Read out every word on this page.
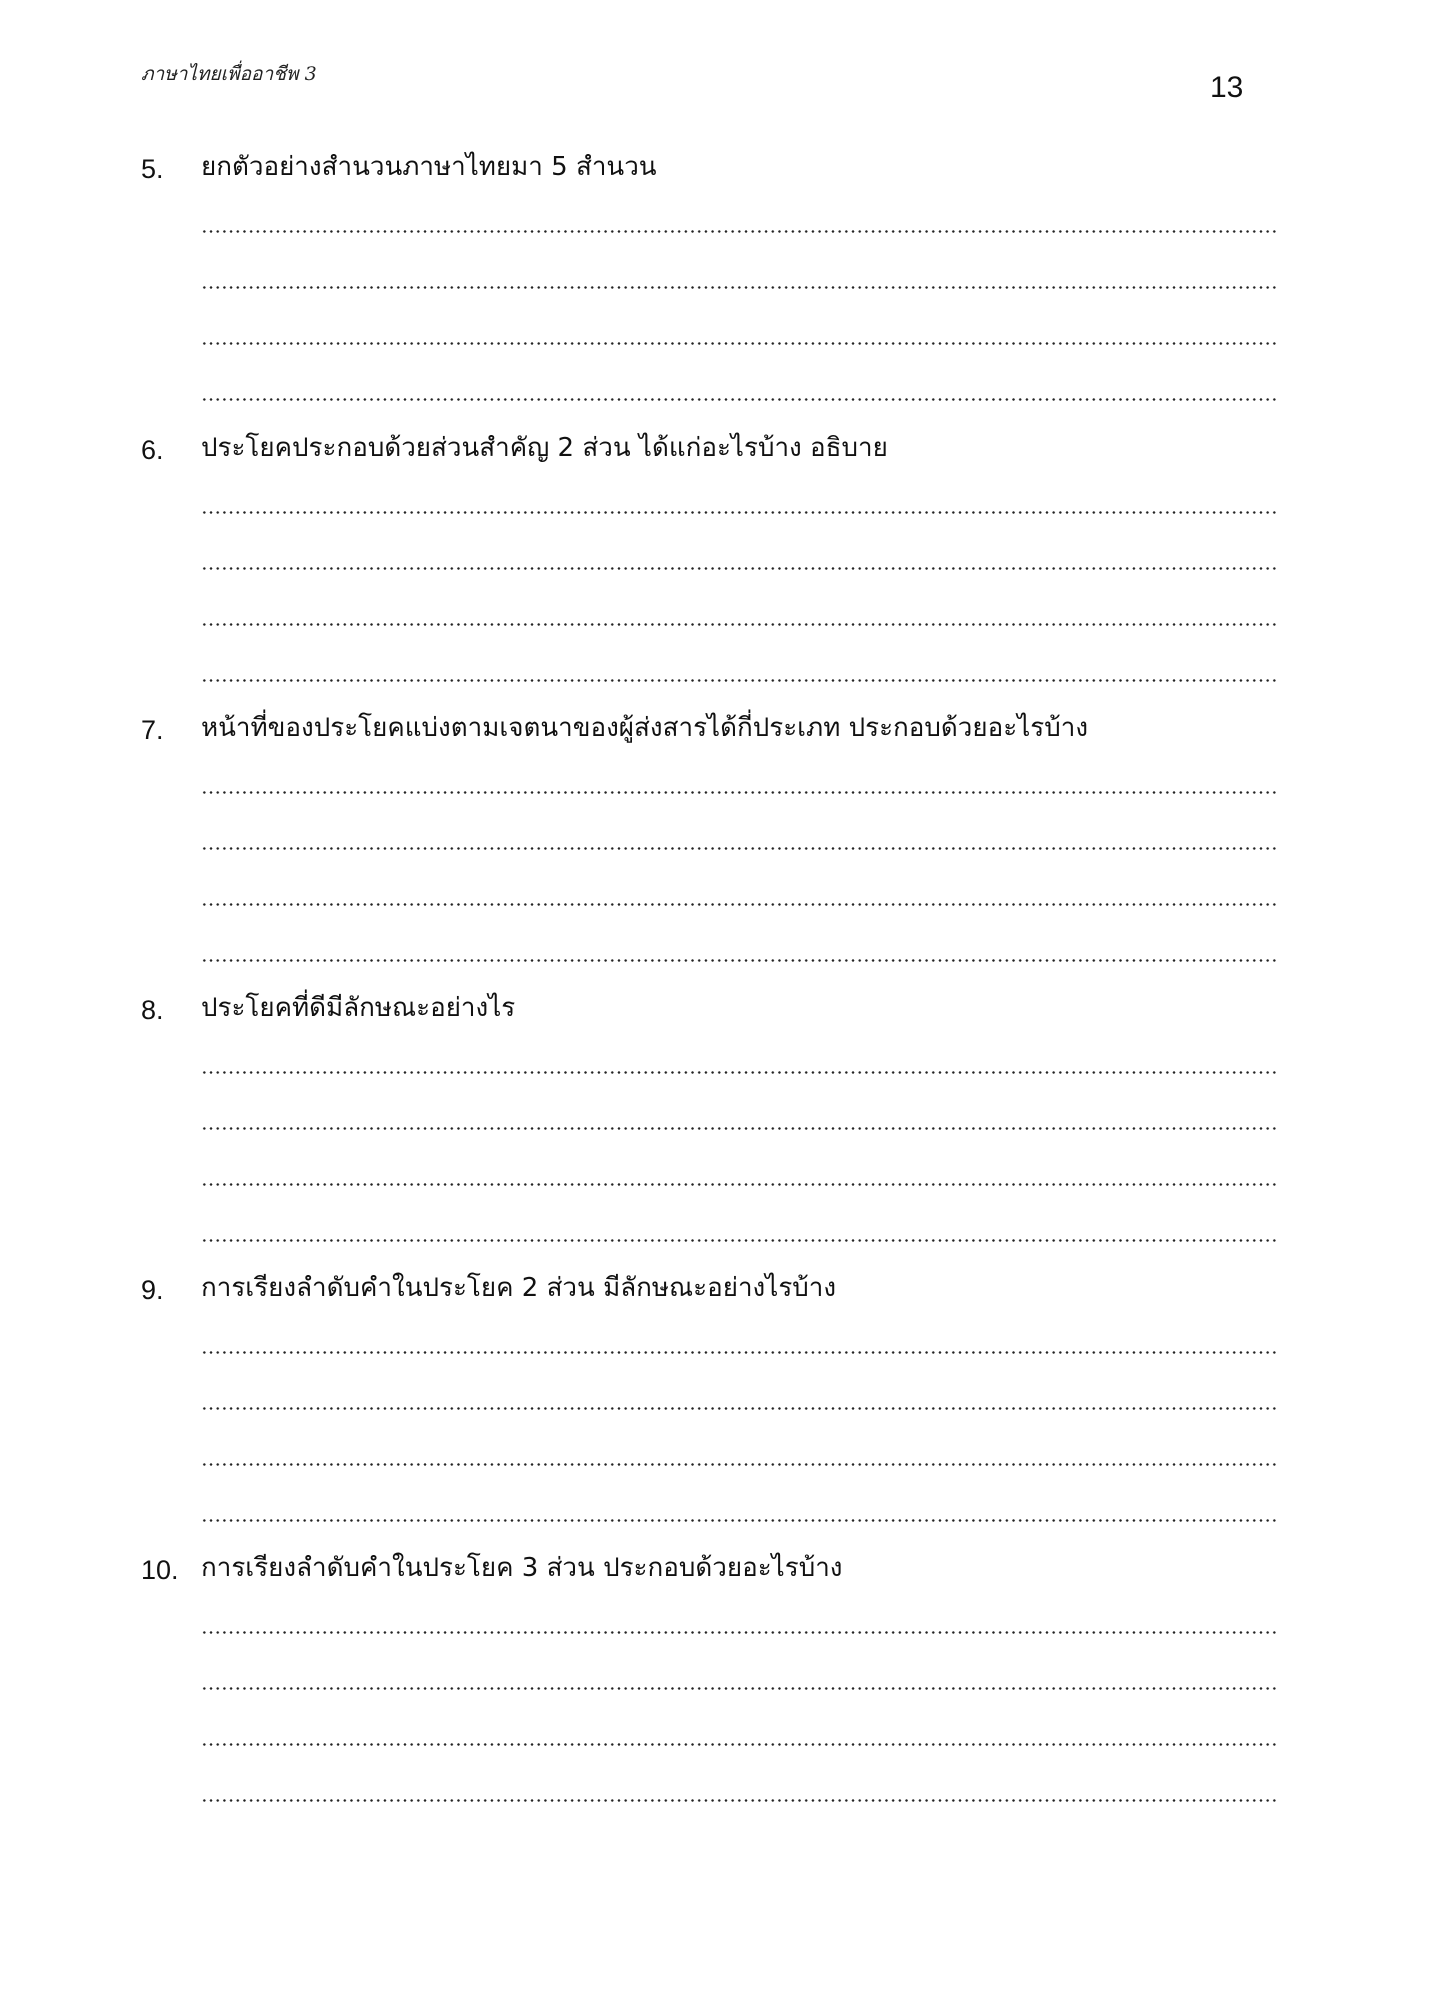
ภาษาไทยเพื่ออาชีพ 3	13
5. ยกตัวอย่างสำนวนภาษาไทยมา 5 สำนวน
6. ประโยคประกอบด้วยส่วนสำคัญ 2 ส่วน ได้แก่อะไรบ้าง อธิบาย
7. หน้าที่ของประโยคแบ่งตามเจตนาของผู้ส่งสารได้กี่ประเภท ประกอบด้วยอะไรบ้าง
8. ประโยคที่ดีมีลักษณะอย่างไร
9. การเรียงลำดับคำในประโยค 2 ส่วน มีลักษณะอย่างไรบ้าง
10. การเรียงลำดับคำในประโยค 3 ส่วน ประกอบด้วยอะไรบ้าง
